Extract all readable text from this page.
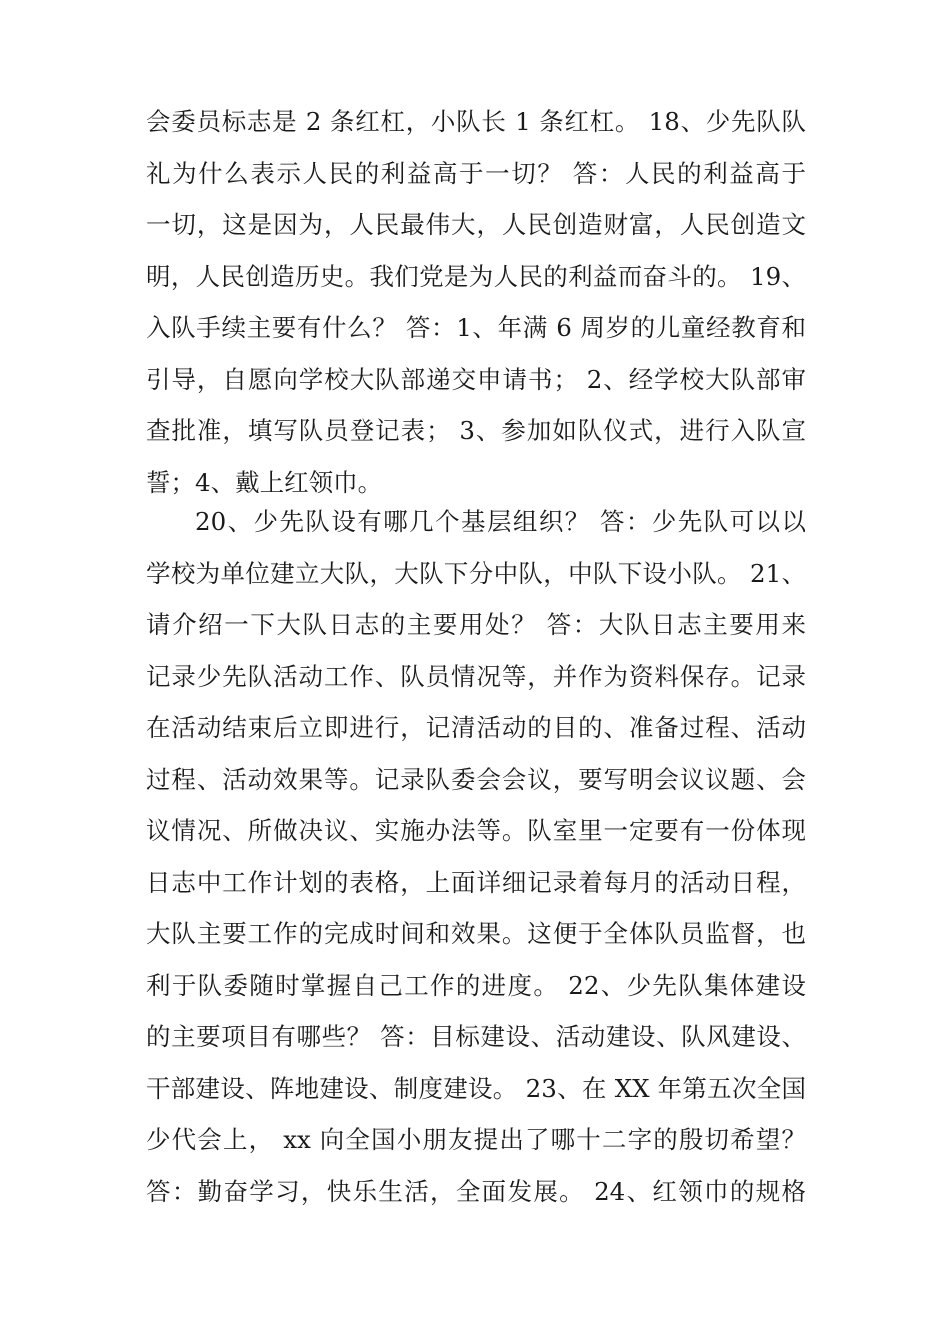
会委员标志是 2 条红杠，小队长 1 条红杠。 18、少先队队
礼为什么表示人民的利益高于一切？ 答：人民的利益高于
一切，这是因为，人民最伟大，人民创造财富，人民创造文
明，人民创造历史。我们党是为人民的利益而奋斗的。 19、
入队手续主要有什么？ 答：1、年满 6 周岁的儿童经教育和
引导，自愿向学校大队部递交申请书； 2、经学校大队部审
查批准，填写队员登记表； 3、参加如队仪式，进行入队宣
誓；4、戴上红领巾。
20、少先队设有哪几个基层组织？ 答：少先队可以以
学校为单位建立大队，大队下分中队，中队下设小队。 21、
请介绍一下大队日志的主要用处？ 答：大队日志主要用来
记录少先队活动工作、队员情况等，并作为资料保存。记录
在活动结束后立即进行，记清活动的目的、准备过程、活动
过程、活动效果等。记录队委会会议，要写明会议议题、会
议情况、所做决议、实施办法等。队室里一定要有一份体现
日志中工作计划的表格，上面详细记录着每月的活动日程，
大队主要工作的完成时间和效果。这便于全体队员监督，也
利于队委随时掌握自己工作的进度。 22、少先队集体建设
的主要项目有哪些？ 答：目标建设、活动建设、队风建设、
干部建设、阵地建设、制度建设。 23、在 XX 年第五次全国
少代会上， xx 向全国小朋友提出了哪十二字的殷切希望？
答：勤奋学习，快乐生活，全面发展。 24、红领巾的规格
